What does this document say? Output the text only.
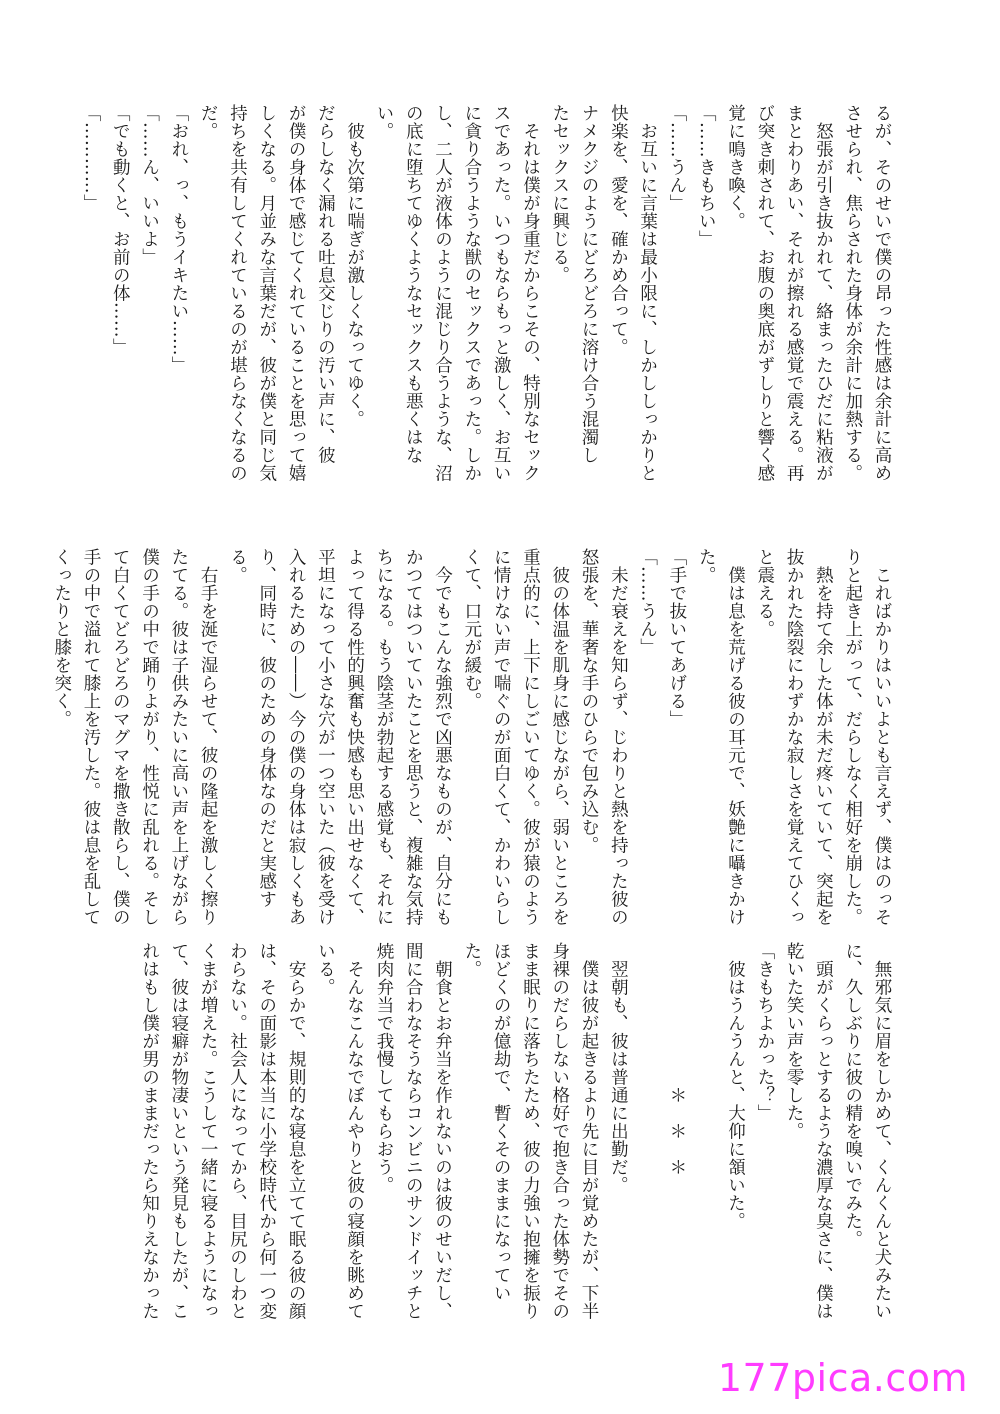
るが、そのせいで僕の昂った性感は余計に高め
させられ、焦らされた身体が余計に加熱する。
　怒張が引き抜かれて、絡まったひだに粘液が
まとわりあい、それが擦れる感覚で震える。再
び突き刺されて、お腹の奥底がずしりと響く感
覚に鳴き喚く。
「……きもちい」
「……うん」
　お互いに言葉は最小限に、しかししっかりと
快楽を、愛を、確かめ合って。
ナメクジのようにどろどろに溶け合う混濁し
たセックスに興じる。
　それは僕が身重だからこその、特別なセック
スであった。いつもならもっと激しく、お互い
に貪り合うような獣のセックスであった。しか
し、二人が液体のように混じり合うような、沼
の底に堕ちてゆくようなセックスも悪くはな
い。
　彼も次第に喘ぎが激しくなってゆく。
だらしなく漏れる吐息交じりの汚い声に、彼
が僕の身体で感じてくれていることを思って嬉
しくなる。月並みな言葉だが、彼が僕と同じ気
持ちを共有してくれているのが堪らなくなるの
だ。
「おれ、っ、もうイキたい……」
「……ん、いいよ」
「でも動くと、お前の体……」
「…………」
　こればかりはいいよとも言えず、僕はのっそ
りと起き上がって、だらしなく相好を崩した。
　熱を持て余した体が未だ疼いていて、突起を
抜かれた陰裂にわずかな寂しさを覚えてひくっ
と震える。
　僕は息を荒げる彼の耳元で、妖艶に囁きかけ
た。
「手で抜いてあげる」
「……うん」
　未だ衰えを知らず、じわりと熱を持った彼の
怒張を、華奢な手のひらで包み込む。
　彼の体温を肌身に感じながら、弱いところを
重点的に、上下にしごいてゆく。彼が猿のよう
に情けない声で喘ぐのが面白くて、かわいらし
くて、口元が緩む。
　今でもこんな強烈で凶悪なものが、自分にも
かつてはついていたことを思うと、複雑な気持
ちになる。もう陰茎が勃起する感覚も、それに
よって得る性的興奮も快感も思い出せなくて、
平坦になって小さな穴が一つ空いた（彼を受け
入れるための――）今の僕の身体は寂しくもあ
り、同時に、彼のための身体なのだと実感す
る。
　右手を涎で湿らせて、彼の隆起を激しく擦り
たてる。彼は子供みたいに高い声を上げながら
僕の手の中で踊りよがり、性悦に乱れる。そし
て白くてどろどろのマグマを撒き散らし、僕の
手の中で溢れて膝上を汚した。彼は息を乱して
くったりと膝を突く。
　無邪気に眉をしかめて、くんくんと犬みたい
に、久しぶりに彼の精を嗅いでみた。
　頭がくらっとするような濃厚な臭さに、僕は
乾いた笑い声を零した。
「きもちよかった？」
　彼はうんうんと、大仰に頷いた。

　　　　　　　　＊　＊　＊

　翌朝も、彼は普通に出勤だ。
　僕は彼が起きるより先に目が覚めたが、下半
身裸のだらしない格好で抱き合った体勢でその
まま眠りに落ちたため、彼の力強い抱擁を振り
ほどくのが億劫で、暫くそのままになってい
た。
　朝食とお弁当を作れないのは彼のせいだし、
間に合わなそうならコンビニのサンドイッチと
焼肉弁当で我慢してもらおう。
　そんなこんなでぼんやりと彼の寝顔を眺めて
いる。
　安らかで、規則的な寝息を立てて眠る彼の顔
は、その面影は本当に小学校時代から何一つ変
わらない。社会人になってから、目尻のしわと
くまが増えた。こうして一緒に寝るようになっ
て、彼は寝癖が物凄いという発見もしたが、こ
れはもし僕が男のままだったら知りえなかった
177pica.com
